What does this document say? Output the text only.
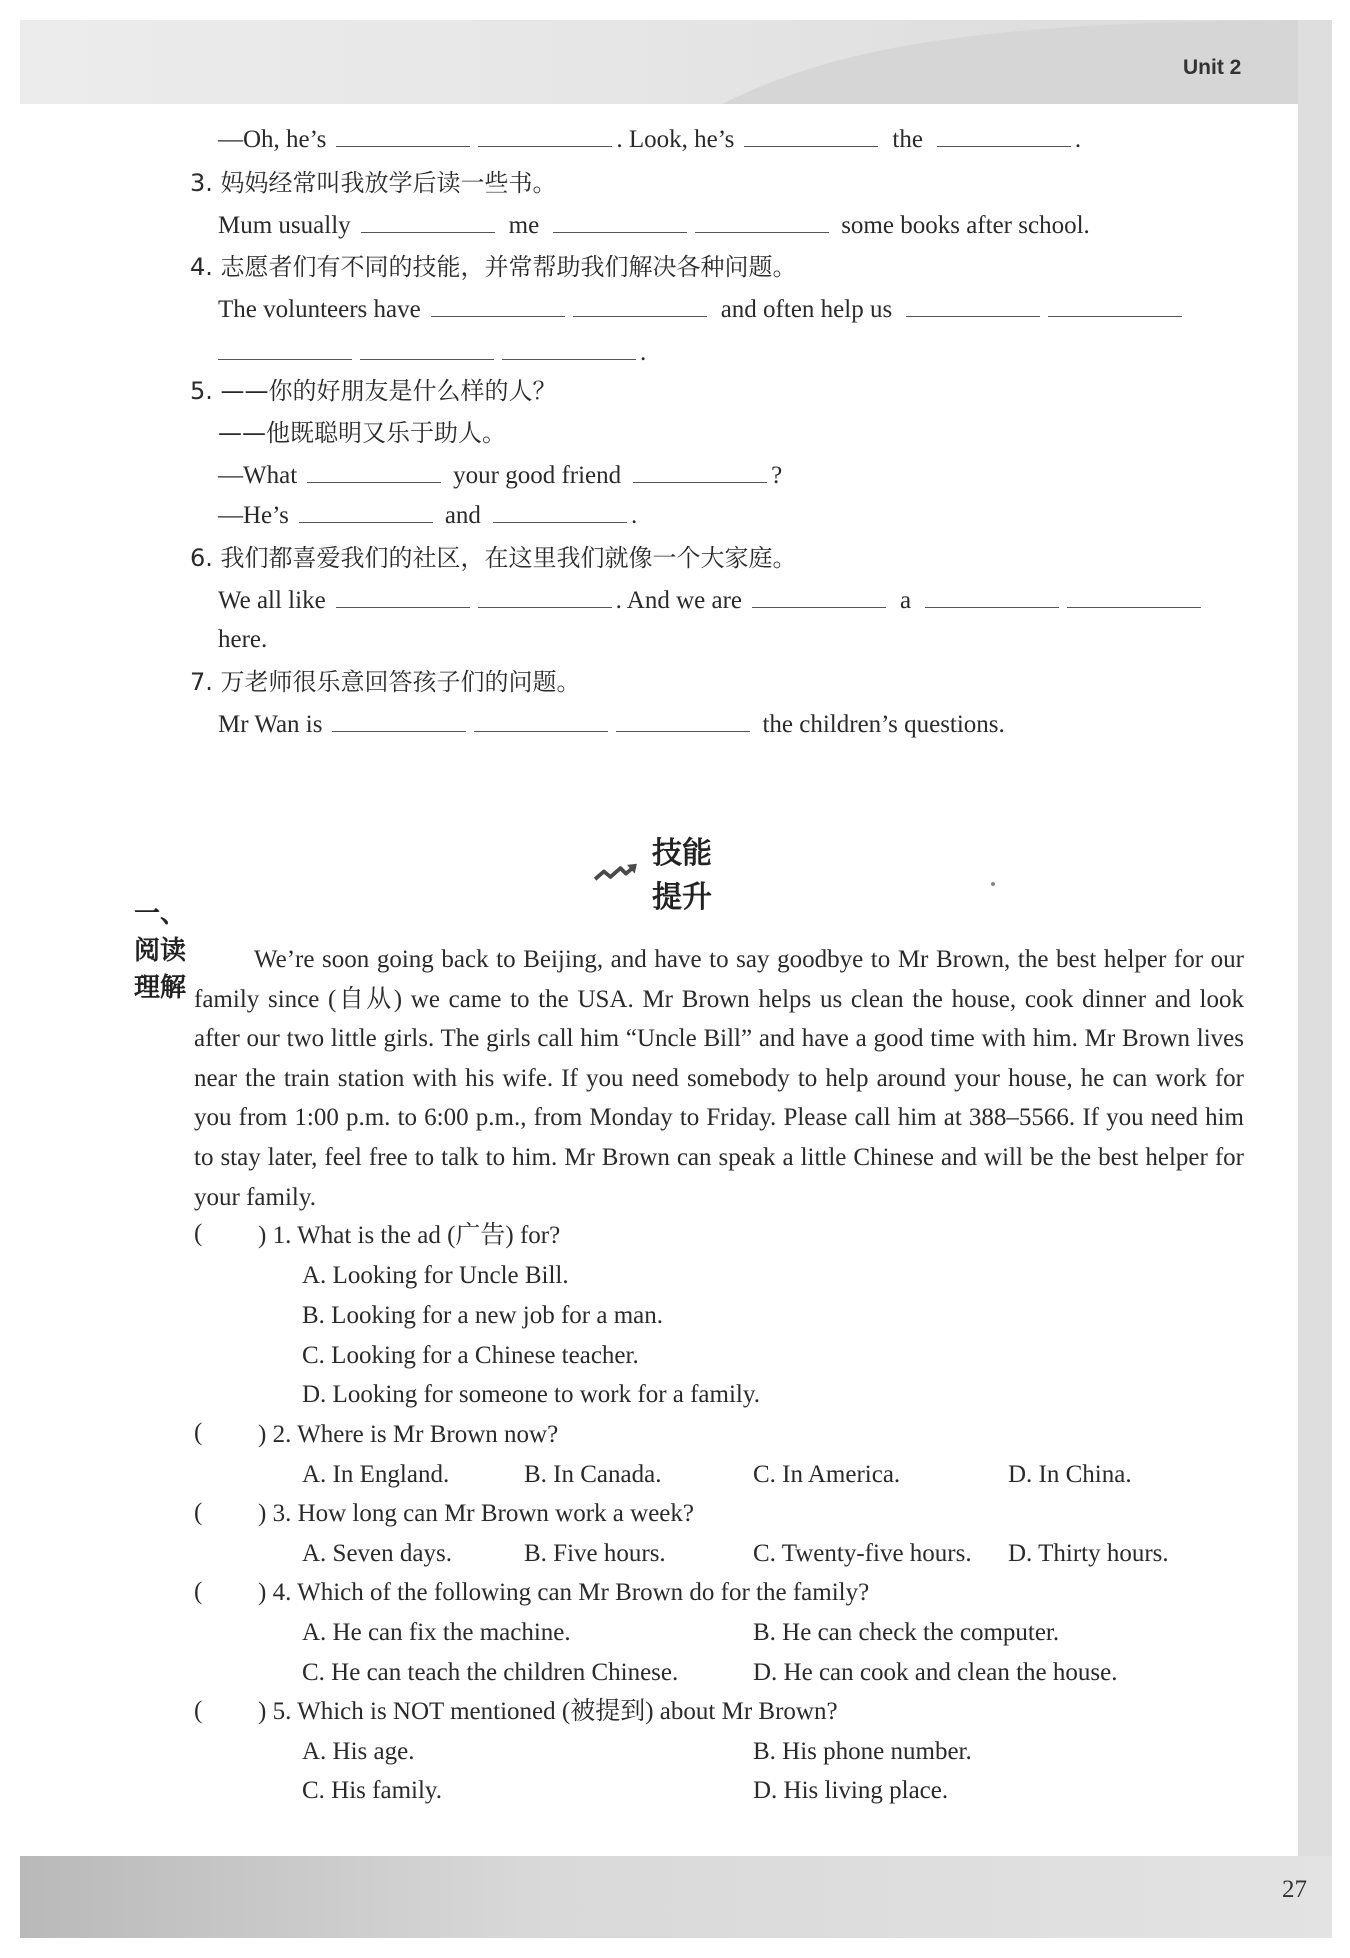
Unit 2
27
—Oh, he’s	. Look, he’s	the	.
3. 妈妈经常叫我放学后读一些书。
Mum usually	me	some books after school.
4. 志愿者们有不同的技能，并常帮助我们解决各种问题。
The volunteers have	and often help us
.
5. ——你的好朋友是什么样的人？
——他既聪明又乐于助人。
—What	your good friend	?
—He’s	and	.
6. 我们都喜爱我们的社区，在这里我们就像一个大家庭。
We all like	. And we are	a
here.
7. 万老师很乐意回答孩子们的问题。
Mr Wan is	the children’s questions.
技能提升
一、阅读理解

We’re soon going back to Beijing, and have to say goodbye to Mr Brown, the best helper for our family since (自从) we came to the USA. Mr Brown helps us clean the house, cook dinner and look after our two little girls. The girls call him “Uncle Bill” and have a good time with him. Mr Brown lives near the train station with his wife. If you need somebody to help around your house, he can work for you from 1:00 p.m. to 6:00 p.m., from Monday to Friday. Please call him at 388–5566. If you need him to stay later, feel free to talk to him. Mr Brown can speak a little Chinese and will be the best helper for your family.

( ) 1. What is the ad (广告) for?
A. Looking for Uncle Bill.
B. Looking for a new job for a man.
C. Looking for a Chinese teacher.
D. Looking for someone to work for a family.
( ) 2. Where is Mr Brown now?
A. In England.	B. In Canada.	C. In America.	D. In China.
( ) 3. How long can Mr Brown work a week?
A. Seven days.	B. Five hours.	C. Twenty-five hours. D. Thirty hours.
( ) 4. Which of the following can Mr Brown do for the family?
A. He can fix the machine.	B. He can check the computer.
C. He can teach the children Chinese.	D. He can cook and clean the house.
( ) 5. Which is NOT mentioned (被提到) about Mr Brown?
A. His age.	B. His phone number.
C. His family.	D. His living place.
